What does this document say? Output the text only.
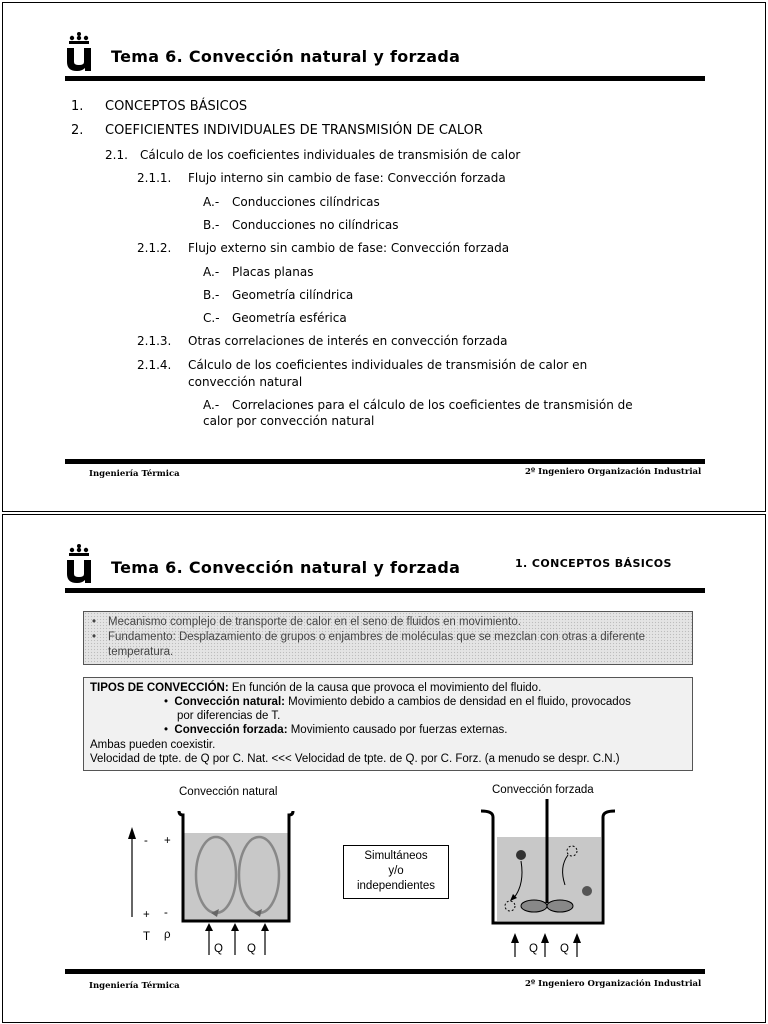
Tema 6. Convección natural y forzada
1. CONCEPTOS BÁSICOS
2. COEFICIENTES INDIVIDUALES DE TRANSMISIÓN DE CALOR
2.1. Cálculo de los coeficientes individuales de transmisión de calor
2.1.1. Flujo interno sin cambio de fase: Convección forzada
A.- Conducciones cilíndricas
B.- Conducciones no cilíndricas
2.1.2. Flujo externo sin cambio de fase: Convección forzada
A.- Placas planas
B.- Geometría cilíndrica
C.- Geometría esférica
2.1.3. Otras correlaciones de interés en convección forzada
2.1.4. Cálculo de los coeficientes individuales de transmisión de calor en
convección natural
A.- Correlaciones para el cálculo de los coeficientes de transmisión de
calor por convección natural
Ingeniería Térmica	2º Ingeniero Organización Industrial
Tema 6. Convección natural y forzada	1. CONCEPTOS BÁSICOS
• Mecanismo complejo de transporte de calor en el seno de fluidos en movimiento.
• Fundamento: Desplazamiento de grupos o enjambres de moléculas que se mezclan con otras a diferente
temperatura.
TIPOS DE CONVECCIÓN: En función de la causa que provoca el movimiento del fluido.
•  Convección natural: Movimiento debido a cambios de densidad en el fluido, provocados
por diferencias de T.
•  Convección forzada: Movimiento causado por fuerzas externas.
Ambas pueden coexistir.
Velocidad de tpte. de Q por C. Nat. <<< Velocidad de tpte. de Q. por C. Forz. (a menudo se despr. C.N.)
Convección natural	Convección forzada
Simultáneos
y/o
independientes
- +
+ -
T ρ
Q Q	Q Q
Ingeniería Térmica	2º Ingeniero Organización Industrial
